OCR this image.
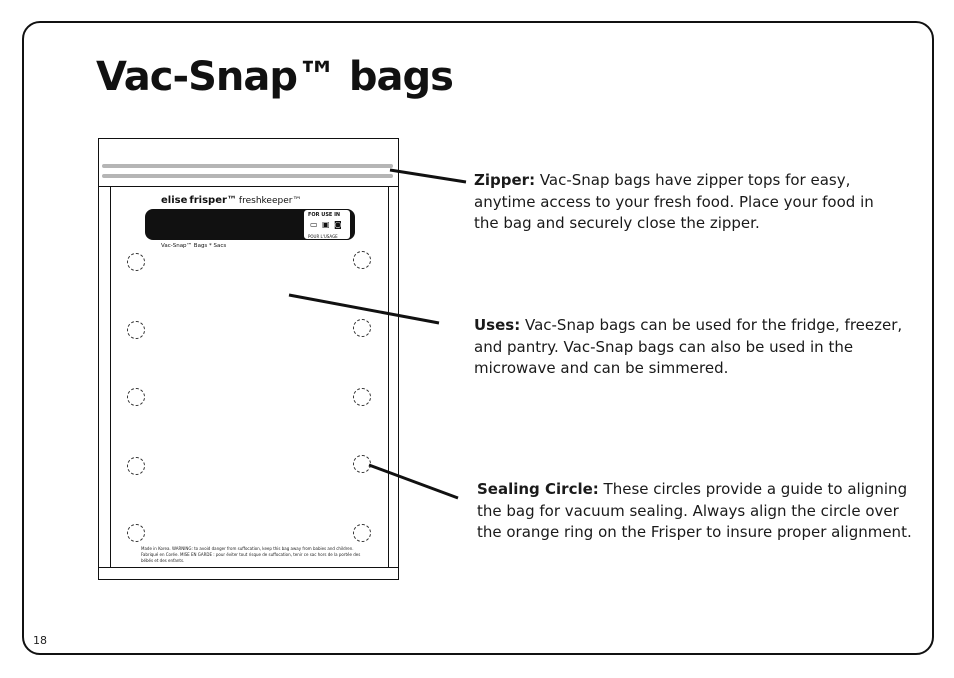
Vac-Snap™ bags
elise frisper™ freshkeeper™
FOR USE IN
▭ ▣ ◙
POUR L'USAGE
Vac-Snap™ Bags * Sacs
Made in Korea. WARNING: to avoid danger from suffocation, keep this bag away from babies and children. Fabriqué en Corée. MISE EN GARDE : pour éviter tout risque de suffocation, tenir ce sac hors de la portée des bébés et des enfants.

Zipper: Vac-Snap bags have zipper tops for easy, anytime access to your fresh food. Place your food in the bag and securely close the zipper.

Uses: Vac-Snap bags can be used for the fridge, freezer, and pantry. Vac-Snap bags can also be used in the microwave and can be simmered.

Sealing Circle: These circles provide a guide to aligning the bag for vacuum sealing. Always align the circle over the orange ring on the Frisper to insure proper alignment.

18
